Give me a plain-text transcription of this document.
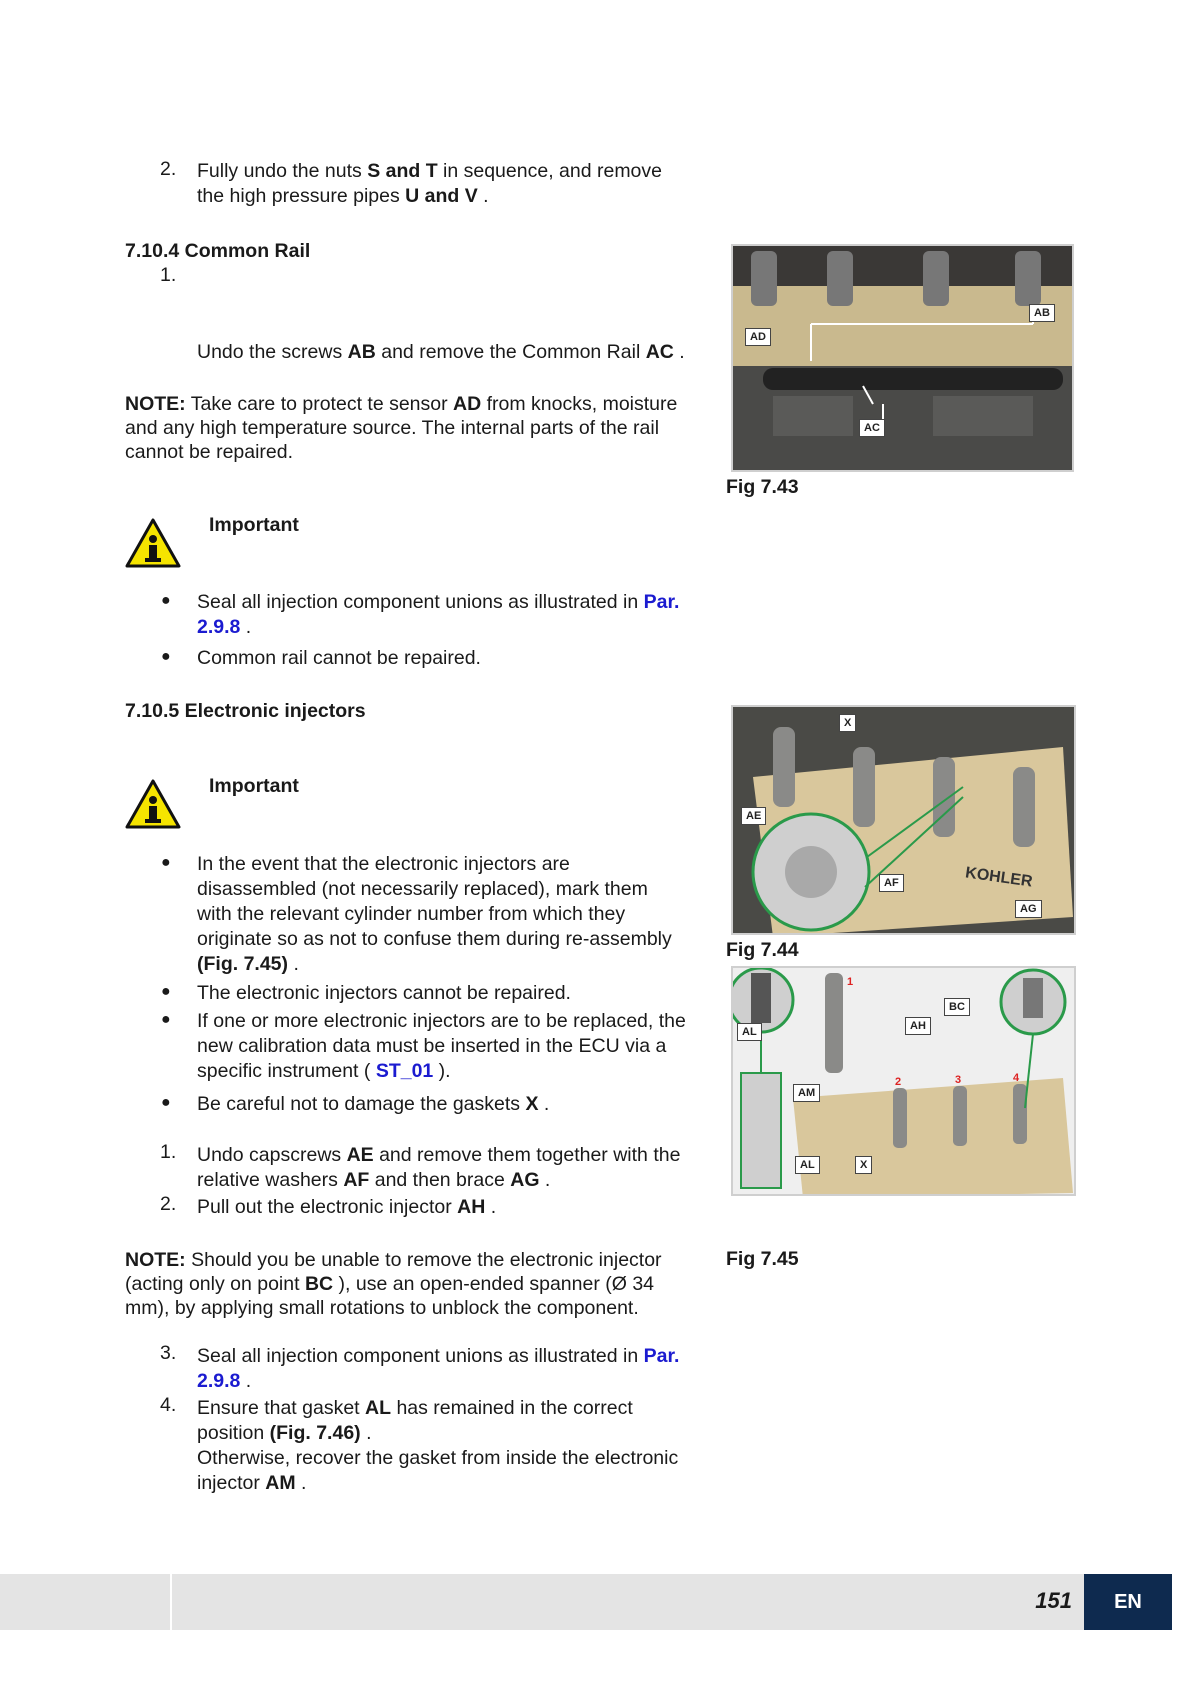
2. Fully undo the nuts S and T in sequence, and remove
the high pressure pipes U and V .
7.10.4 Common Rail
1.
Undo the screws AB and remove the Common Rail AC .
NOTE: Take care to protect te sensor AD from knocks, moisture
and any high temperature source. The internal parts of the rail
cannot be repaired.
Important
● Seal all injection component unions as illustrated in Par.
2.9.8 .
● Common rail cannot be repaired.
7.10.5 Electronic injectors
Important
● In the event that the electronic injectors are
disassembled (not necessarily replaced), mark them
with the relevant cylinder number from which they
originate so as not to confuse them during re-assembly
(Fig. 7.45) .
● The electronic injectors cannot be repaired.
● If one or more electronic injectors are to be replaced, the
new calibration data must be inserted in the ECU via a
specific instrument ( ST_01 ).
● Be careful not to damage the gaskets X .
1. Undo capscrews AE and remove them together with the
relative washers AF and then brace AG .
2. Pull out the electronic injector AH .
NOTE: Should you be unable to remove the electronic injector
(acting only on point BC ), use an open-ended spanner (Ø 34
mm), by applying small rotations to unblock the component.
3. Seal all injection component unions as illustrated in Par.
2.9.8 .
4. Ensure that gasket AL has remained in the correct
position (Fig. 7.46) .
Otherwise, recover the gasket from inside the electronic
injector AM .
AD
AB
AC
Fig 7.43
KOHLER
X
AE
AF
AG
Fig 7.44
BC
AL	AH
AM
AL	X
1
2	3	4
Fig 7.45
151	EN
